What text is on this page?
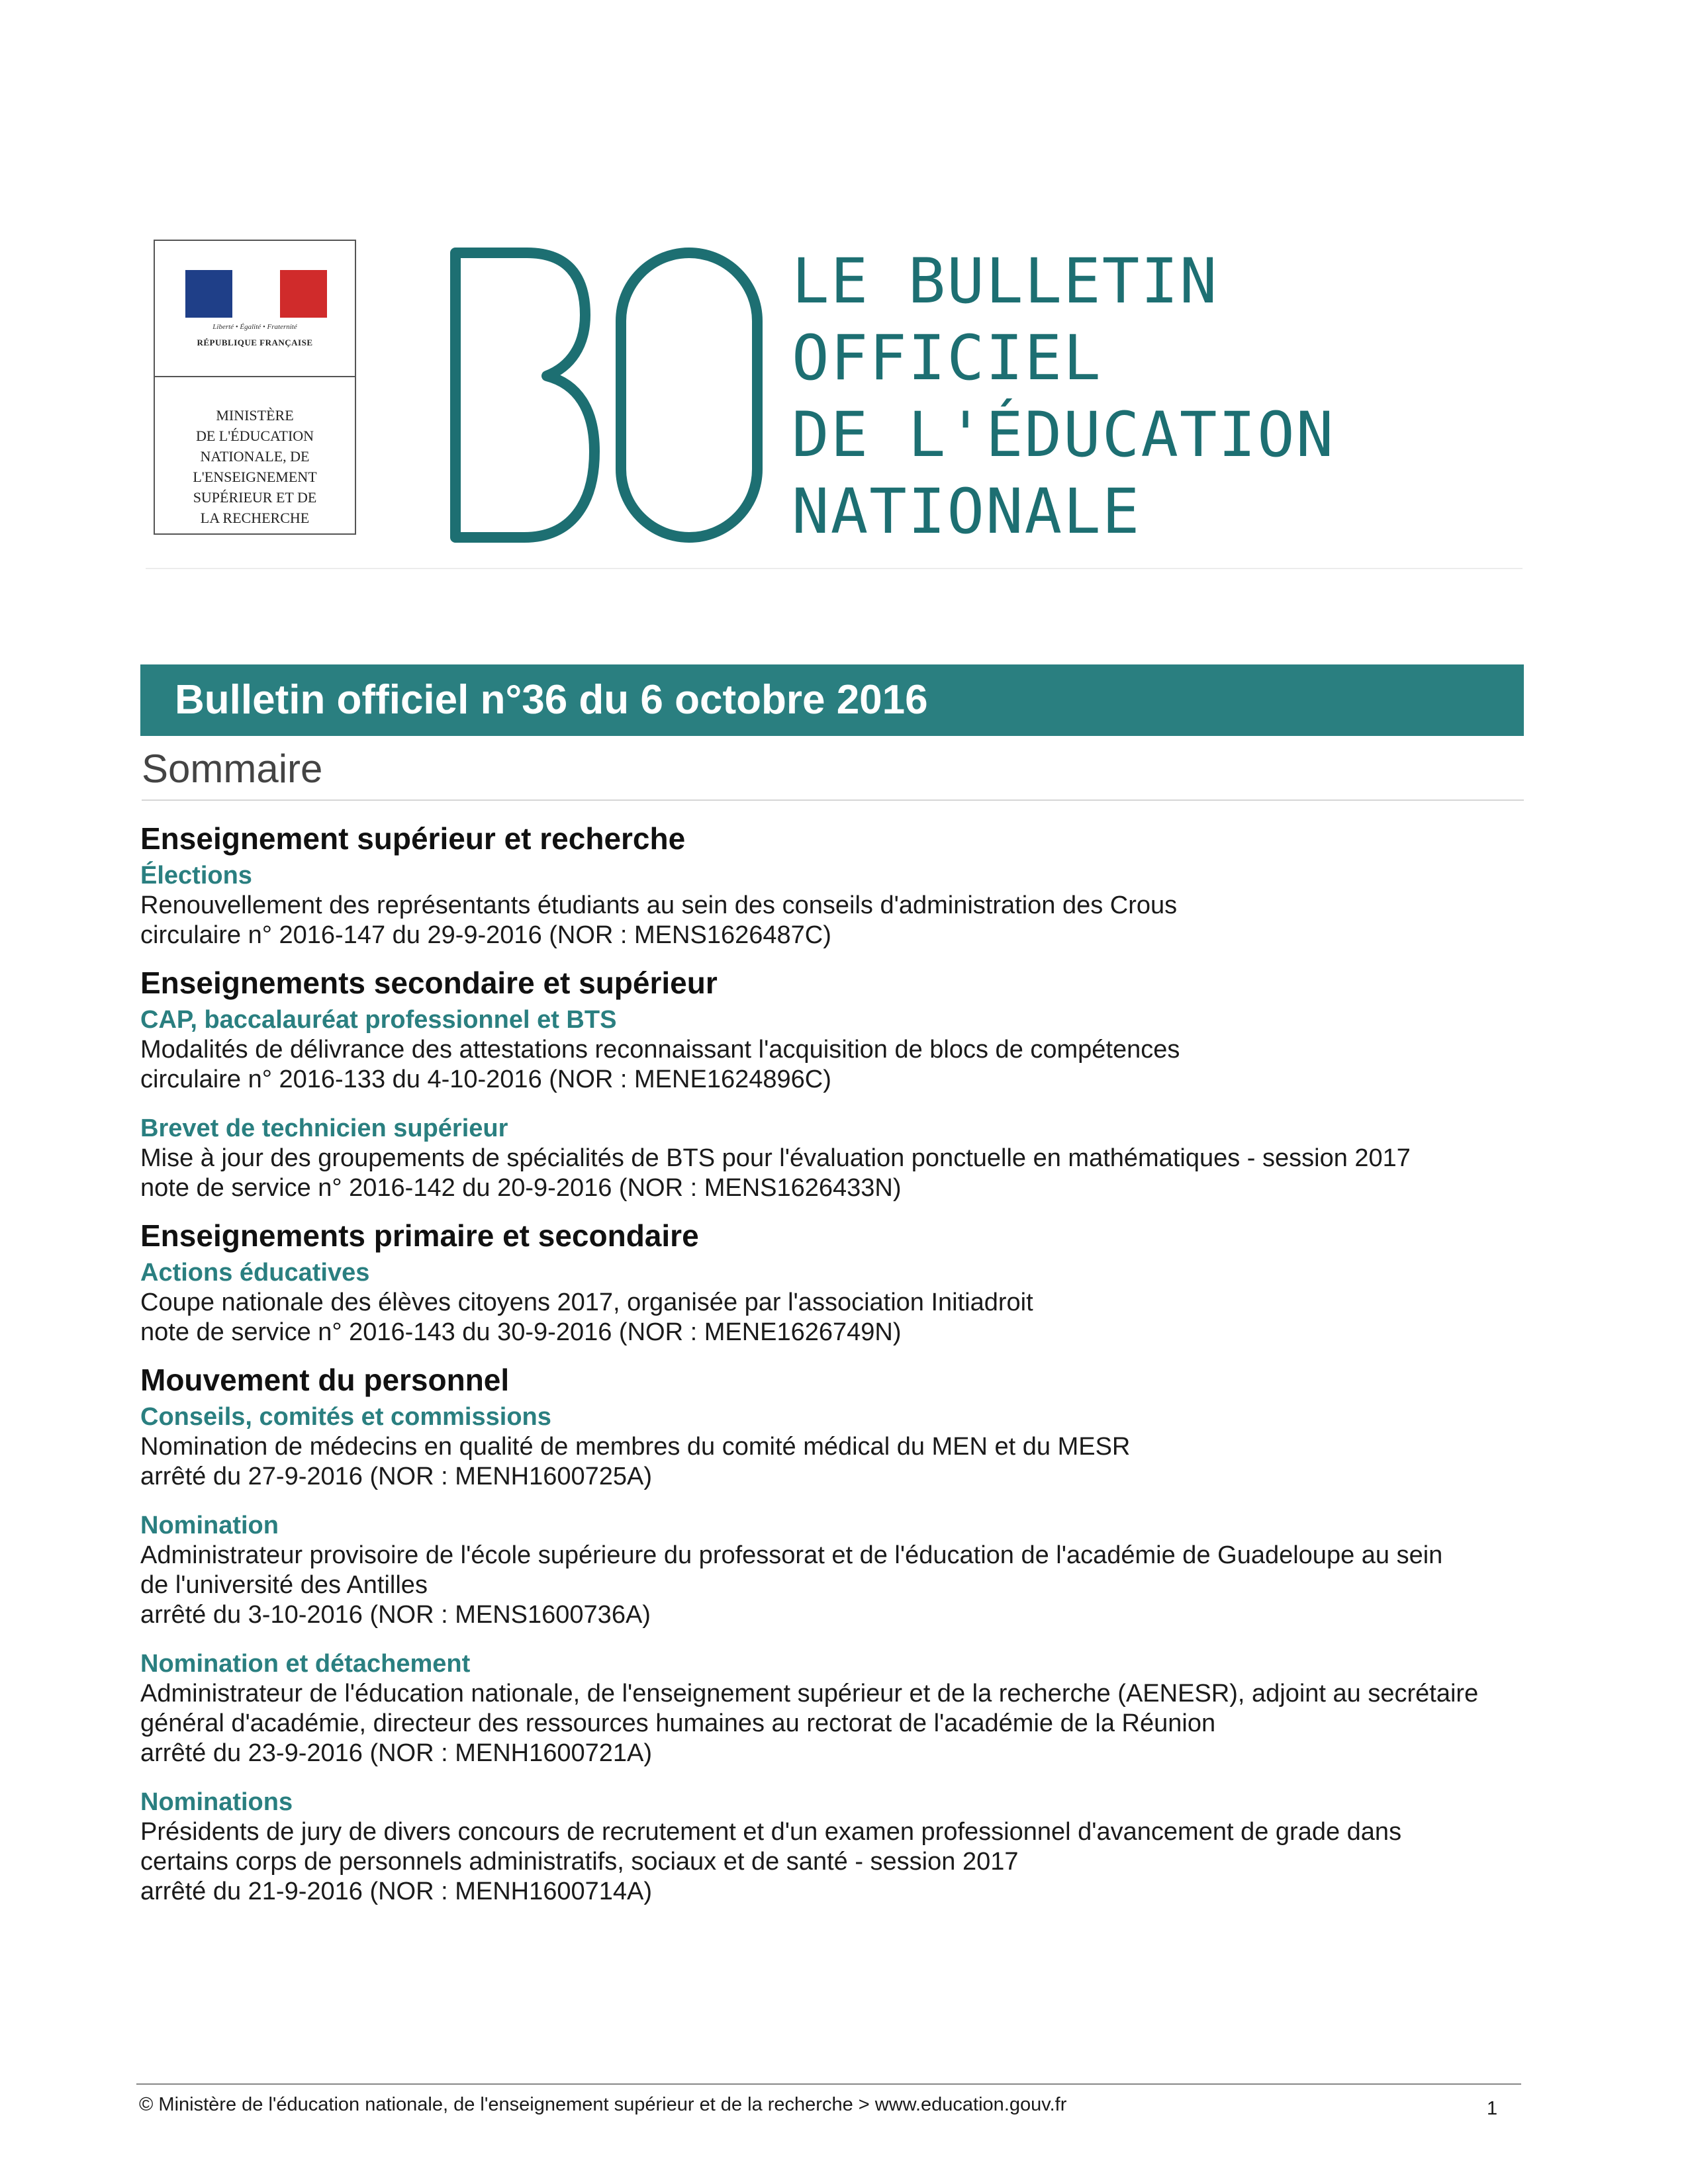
Liberté • Égalité • Fraternité
RÉPUBLIQUE FRANÇAISE
MINISTÈRE
DE L'ÉDUCATION
NATIONALE, DE
L'ENSEIGNEMENT
SUPÉRIEUR ET DE
LA RECHERCHE
BO	LE BULLETIN
OFFICIEL
DE L'ÉDUCATION
NATIONALE
Bulletin officiel n°36 du 6 octobre 2016
Sommaire
Enseignement supérieur et recherche
Élections
Renouvellement des représentants étudiants au sein des conseils d'administration des Crous
circulaire n° 2016-147 du 29-9-2016 (NOR : MENS1626487C)
Enseignements secondaire et supérieur
CAP, baccalauréat professionnel et BTS
Modalités de délivrance des attestations reconnaissant l'acquisition de blocs de compétences
circulaire n° 2016-133 du 4-10-2016 (NOR : MENE1624896C)
Brevet de technicien supérieur
Mise à jour des groupements de spécialités de BTS pour l'évaluation ponctuelle en mathématiques - session 2017
note de service n° 2016-142 du 20-9-2016 (NOR : MENS1626433N)
Enseignements primaire et secondaire
Actions éducatives
Coupe nationale des élèves citoyens 2017, organisée par l'association Initiadroit
note de service n° 2016-143 du 30-9-2016 (NOR : MENE1626749N)
Mouvement du personnel
Conseils, comités et commissions
Nomination de médecins en qualité de membres du comité médical du MEN et du MESR
arrêté du 27-9-2016 (NOR : MENH1600725A)
Nomination
Administrateur provisoire de l'école supérieure du professorat et de l'éducation de l'académie de Guadeloupe au sein
de l'université des Antilles
arrêté du 3-10-2016 (NOR : MENS1600736A)
Nomination et détachement
Administrateur de l'éducation nationale, de l'enseignement supérieur et de la recherche (AENESR), adjoint au secrétaire
général d'académie, directeur des ressources humaines au rectorat de l'académie de la Réunion
arrêté du 23-9-2016 (NOR : MENH1600721A)
Nominations
Présidents de jury de divers concours de recrutement et d'un examen professionnel d'avancement de grade dans
certains corps de personnels administratifs, sociaux et de santé - session 2017
arrêté du 21-9-2016 (NOR : MENH1600714A)
© Ministère de l'éducation nationale, de l'enseignement supérieur et de la recherche > www.education.gouv.fr	1
